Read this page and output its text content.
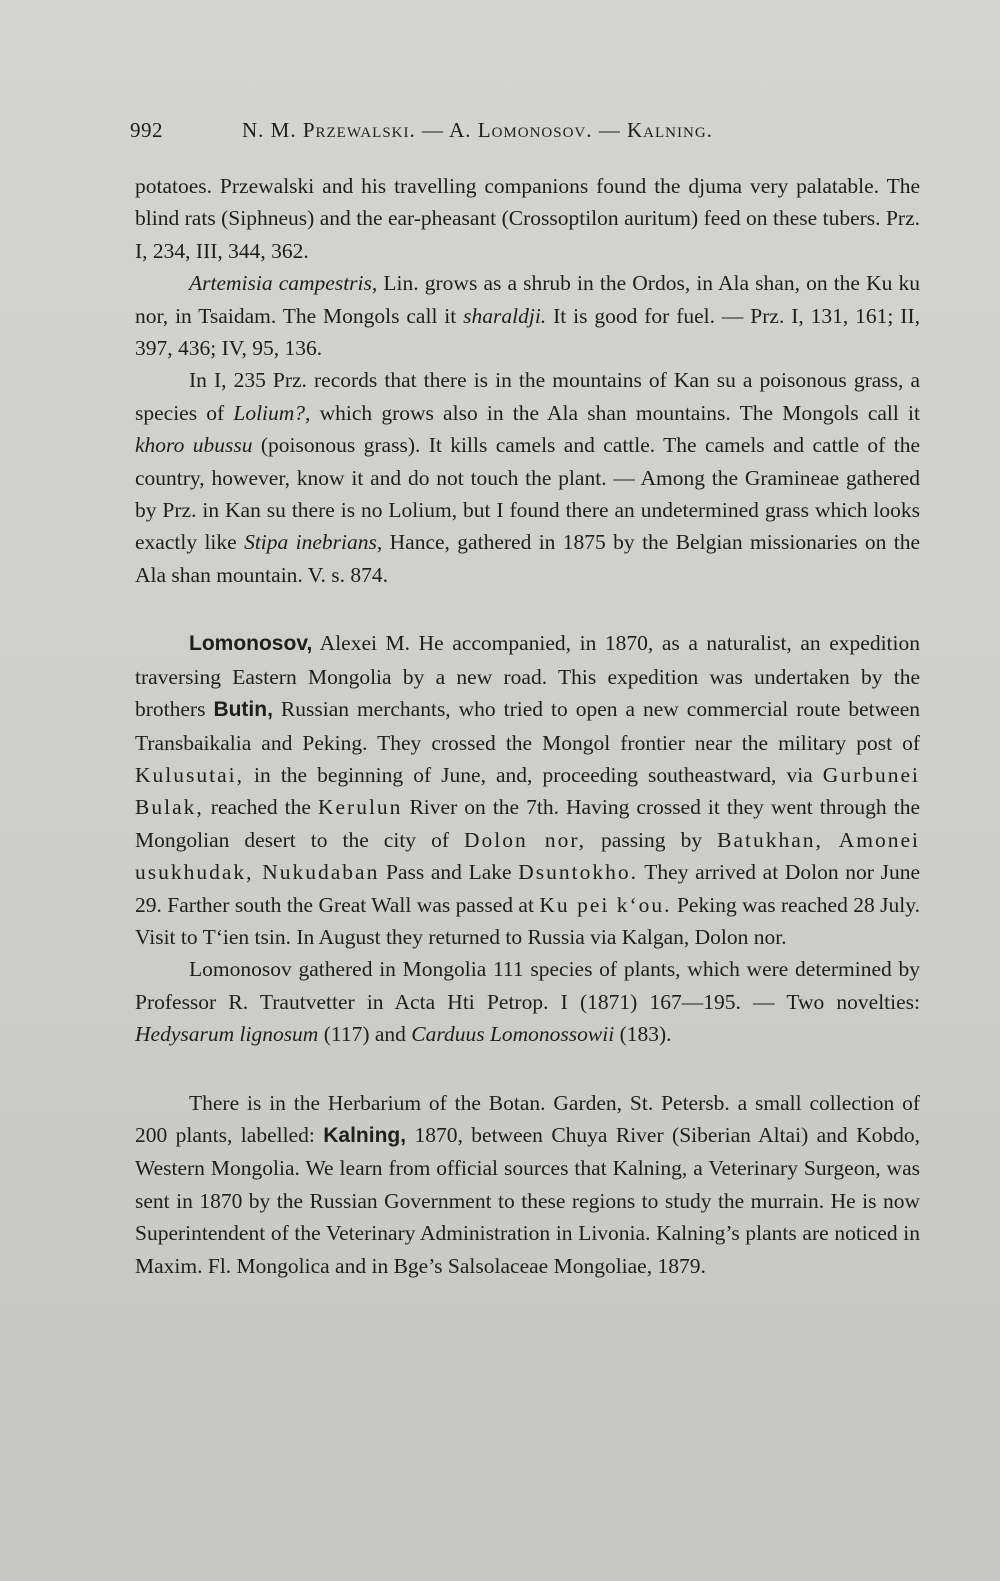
992	N. M. Przewalski. — A. Lomonosov. — Kalning.

potatoes. Przewalski and his travelling companions found the djuma very palatable. The blind rats (Siphneus) and the ear-pheasant (Crossoptilon auritum) feed on these tubers. Prz. I, 234, III, 344, 362.

Artemisia campestris, Lin. grows as a shrub in the Ordos, in Ala shan, on the Ku ku nor, in Tsaidam. The Mongols call it sharaldji. It is good for fuel. — Prz. I, 131, 161; II, 397, 436; IV, 95, 136.

In I, 235 Prz. records that there is in the mountains of Kan su a poisonous grass, a species of Lolium?, which grows also in the Ala shan mountains. The Mongols call it khoro ubussu (poisonous grass). It kills camels and cattle. The camels and cattle of the country, however, know it and do not touch the plant. — Among the Gramineae gathered by Prz. in Kan su there is no Lolium, but I found there an undetermined grass which looks exactly like Stipa inebrians, Hance, gathered in 1875 by the Belgian missionaries on the Ala shan mountain. V. s. 874.

Lomonosov, Alexei M. He accompanied, in 1870, as a naturalist, an expedition traversing Eastern Mongolia by a new road. This expedition was undertaken by the brothers Butin, Russian merchants, who tried to open a new commercial route between Transbaikalia and Peking. They crossed the Mongol frontier near the military post of Kulusutai, in the beginning of June, and, proceeding southeastward, via Gurbunei Bulak, reached the Kerulun River on the 7th. Having crossed it they went through the Mongolian desert to the city of Dolon nor, passing by Batukhan, Amonei usukhudak, Nukudaban Pass and Lake Dsuntokho. They arrived at Dolon nor June 29. Farther south the Great Wall was passed at Ku pei k‘ou. Peking was reached 28 July. Visit to T‘ien tsin. In August they returned to Russia via Kalgan, Dolon nor.

Lomonosov gathered in Mongolia 111 species of plants, which were determined by Professor R. Trautvetter in Acta Hti Petrop. I (1871) 167—195. — Two novelties: Hedysarum lignosum (117) and Carduus Lomonossowii (183).

There is in the Herbarium of the Botan. Garden, St. Petersb. a small collection of 200 plants, labelled: Kalning, 1870, between Chuya River (Siberian Altai) and Kobdo, Western Mongolia. We learn from official sources that Kalning, a Veterinary Surgeon, was sent in 1870 by the Russian Government to these regions to study the murrain. He is now Superintendent of the Veterinary Administration in Livonia. Kalning’s plants are noticed in Maxim. Fl. Mongolica and in Bge’s Salsolaceae Mongoliae, 1879.
